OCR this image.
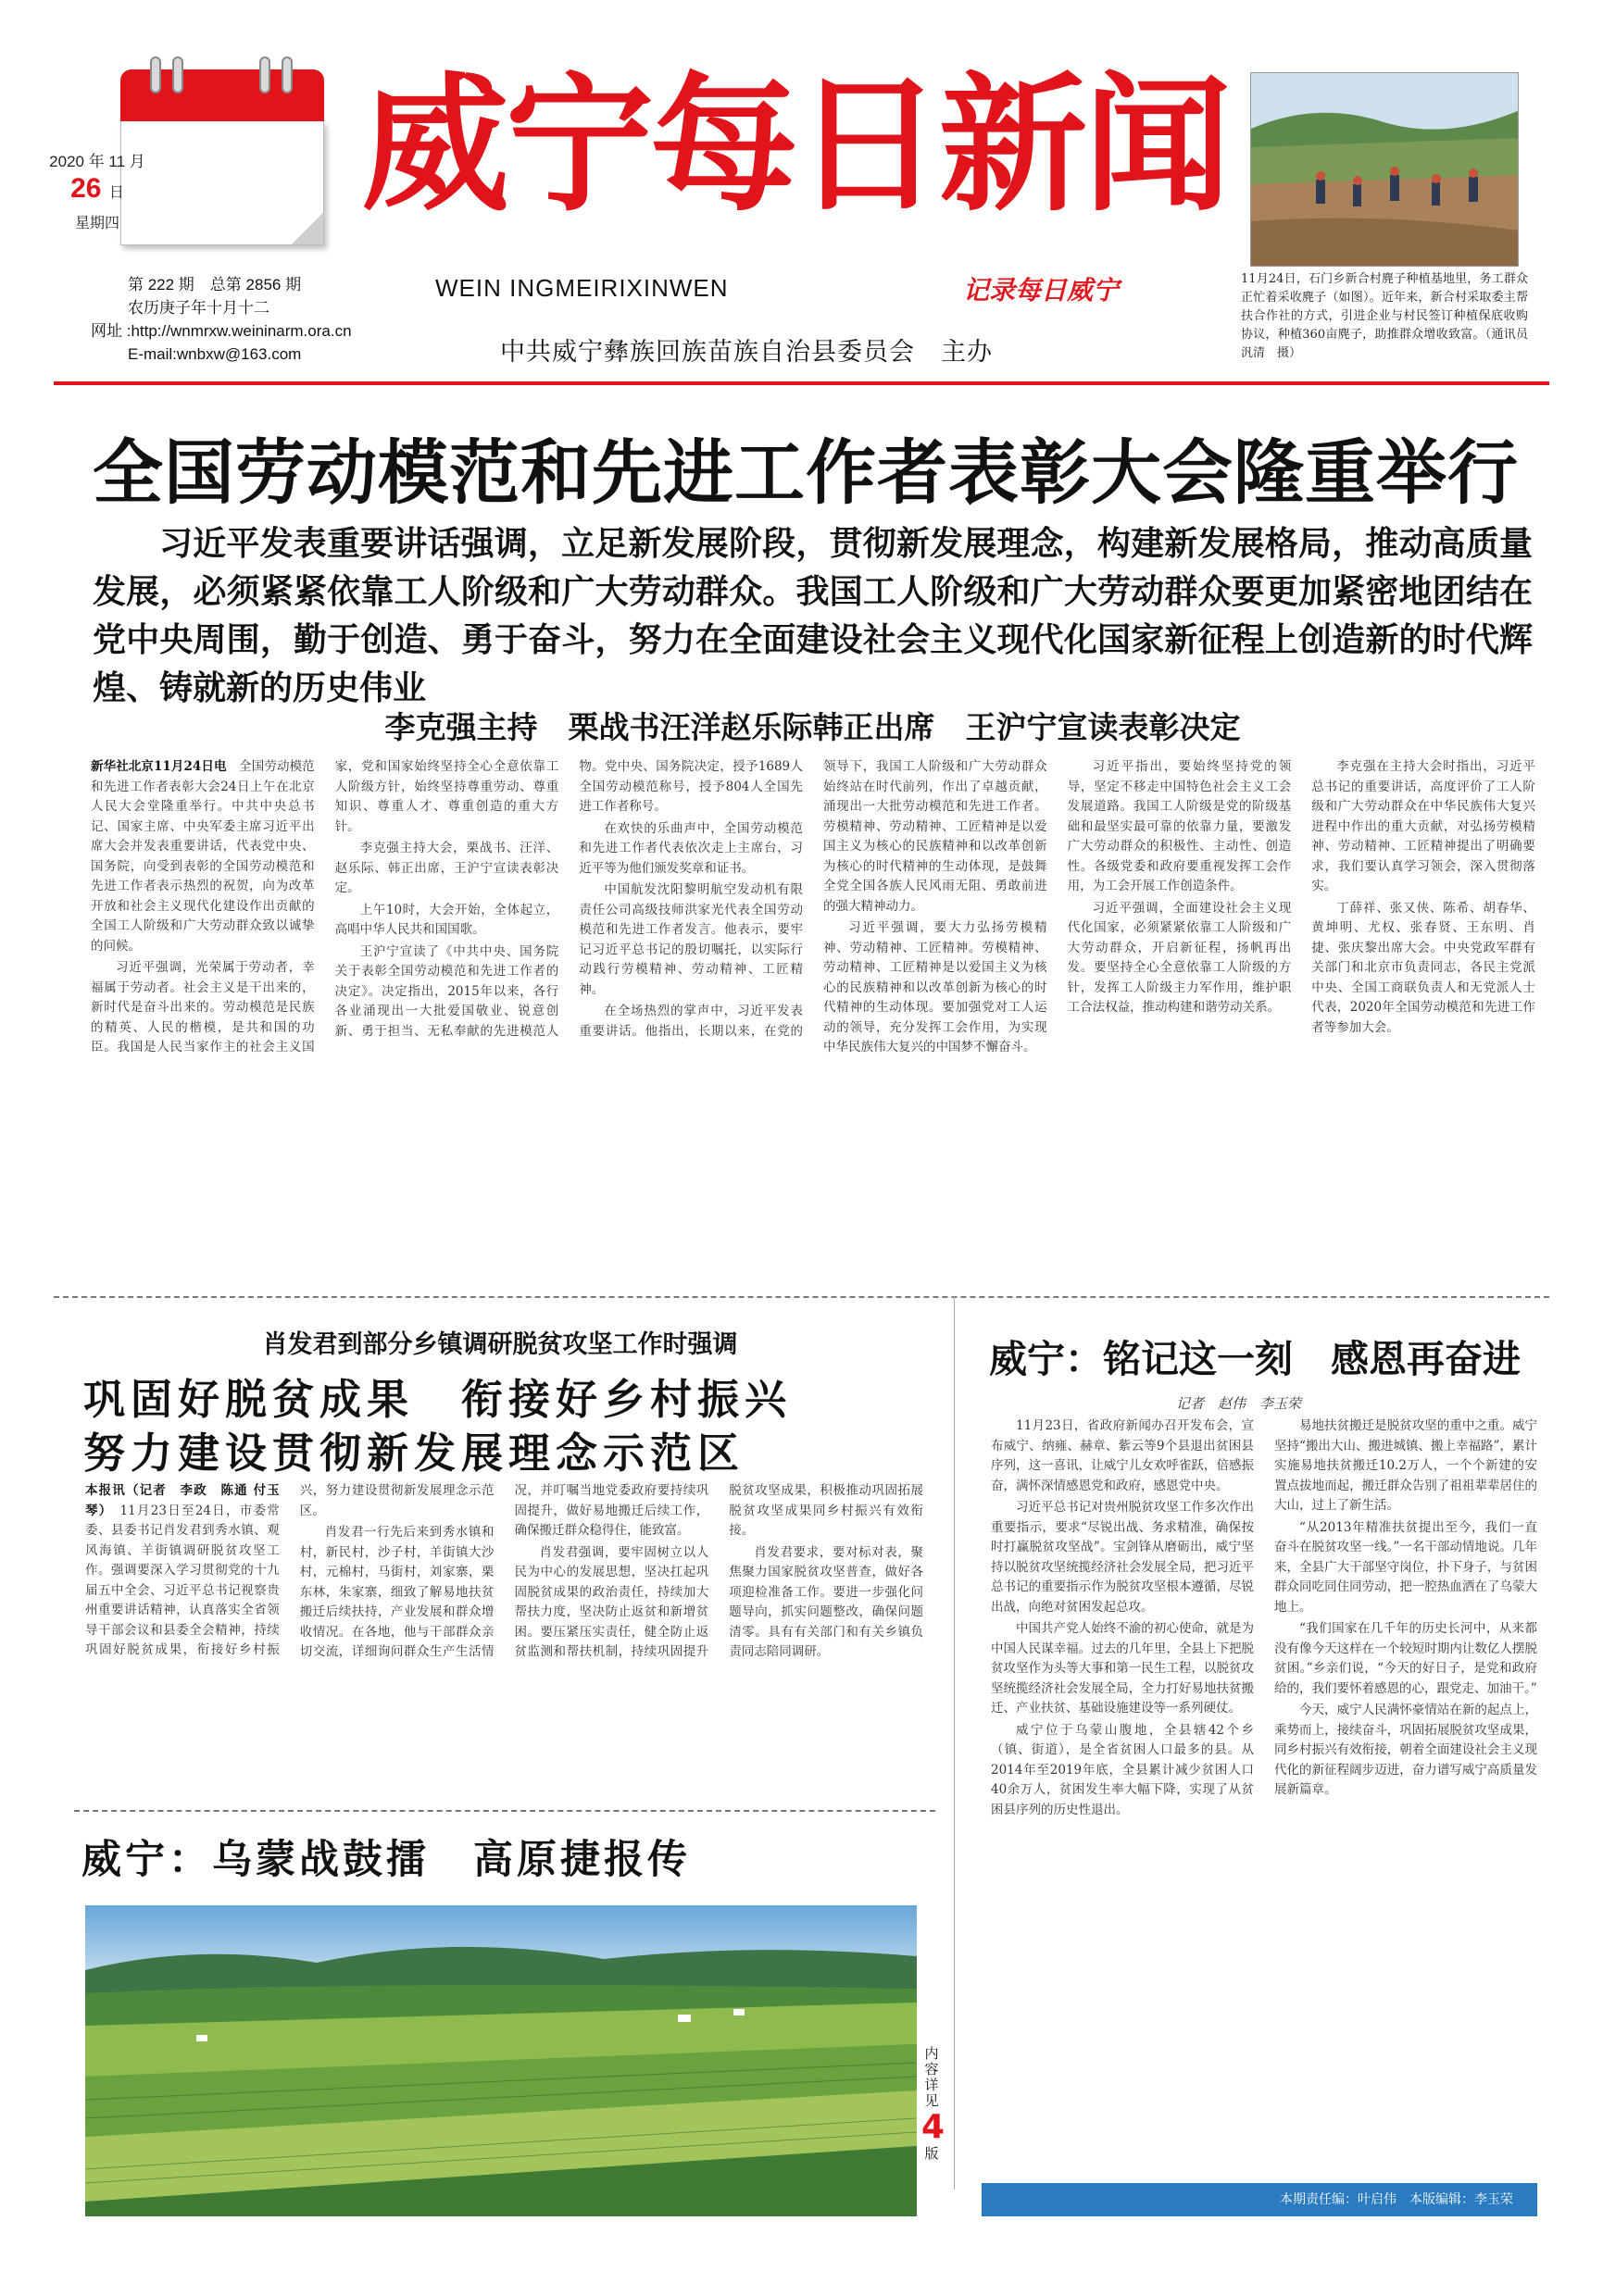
2020 年 11 月
26 日
星期四	威宁每日新闻
WEIN INGMEIRIXINWEN	记录每日威宁
中共威宁彝族回族苗族自治县委员会　主办
第 222 期　总第 2856 期
农历庚子年十月十二
网址 :http://wnmrxw.weininarm.ora.cn
E-mail:wnbxw@163.com

11月24日，石门乡新合村麂子种植基地里，务工群众正忙着采收麂子（如图）。近年来，新合村采取委主帮扶合作社的方式，引进企业与村民签订种植保底收购协议，种植360亩麂子，助推群众增收致富。（通讯员　汎清　摄）

全国劳动模范和先进工作者表彰大会隆重举行

习近平发表重要讲话强调，立足新发展阶段，贯彻新发展理念，构建新发展格局，推动高质量发展，必须紧紧依靠工人阶级和广大劳动群众。我国工人阶级和广大劳动群众要更加紧密地团结在党中央周围，勤于创造、勇于奋斗，努力在全面建设社会主义现代化国家新征程上创造新的时代辉煌、铸就新的历史伟业

李克强主持　栗战书汪洋赵乐际韩正出席　王沪宁宣读表彰决定

新华社北京11月24日电　 全国劳动模范和先进工作者表彰大会24日上午在北京人民大会堂隆重举行。中共中央总书记、国家主席、中央军委主席习近平出席大会并发表重要讲话，代表党中央、国务院，向受到表彰的全国劳动模范和先进工作者表示热烈的祝贺，向为改革开放和社会主义现代化建设作出贡献的全国工人阶级和广大劳动群众致以诚挚的问候。

习近平强调，光荣属于劳动者，幸福属于劳动者。社会主义是干出来的，新时代是奋斗出来的。劳动模范是民族的精英、人民的楷模，是共和国的功臣。我国是人民当家作主的社会主义国家，党和国家始终坚持全心全意依靠工人阶级方针，始终坚持尊重劳动、尊重知识、尊重人才、尊重创造的重大方针。

李克强主持大会，栗战书、汪洋、赵乐际、韩正出席，王沪宁宣读表彰决定。

上午10时，大会开始，全体起立，高唱中华人民共和国国歌。

王沪宁宣读了《中共中央、国务院关于表彰全国劳动模范和先进工作者的决定》。决定指出，2015年以来，各行各业涌现出一大批爱国敬业、锐意创新、勇于担当、无私奉献的先进模范人物。党中央、国务院决定，授予1689人全国劳动模范称号，授予804人全国先进工作者称号。

在欢快的乐曲声中，全国劳动模范和先进工作者代表依次走上主席台，习近平等为他们颁发奖章和证书。

中国航发沈阳黎明航空发动机有限责任公司高级技师洪家光代表全国劳动模范和先进工作者发言。他表示，要牢记习近平总书记的殷切嘱托，以实际行动践行劳模精神、劳动精神、工匠精神。

在全场热烈的掌声中，习近平发表重要讲话。他指出，长期以来，在党的领导下，我国工人阶级和广大劳动群众始终站在时代前列，作出了卓越贡献，涌现出一大批劳动模范和先进工作者。劳模精神、劳动精神、工匠精神是以爱国主义为核心的民族精神和以改革创新为核心的时代精神的生动体现，是鼓舞全党全国各族人民风雨无阻、勇敢前进的强大精神动力。

习近平强调，要大力弘扬劳模精神、劳动精神、工匠精神。劳模精神、劳动精神、工匠精神是以爱国主义为核心的民族精神和以改革创新为核心的时代精神的生动体现。要加强党对工人运动的领导，充分发挥工会作用，为实现中华民族伟大复兴的中国梦不懈奋斗。

习近平指出，要始终坚持党的领导，坚定不移走中国特色社会主义工会发展道路。我国工人阶级是党的阶级基础和最坚实最可靠的依靠力量，要激发广大劳动群众的积极性、主动性、创造性。各级党委和政府要重视发挥工会作用，为工会开展工作创造条件。

习近平强调，全面建设社会主义现代化国家，必须紧紧依靠工人阶级和广大劳动群众，开启新征程，扬帆再出发。要坚持全心全意依靠工人阶级的方针，发挥工人阶级主力军作用，维护职工合法权益，推动构建和谐劳动关系。

李克强在主持大会时指出，习近平总书记的重要讲话，高度评价了工人阶级和广大劳动群众在中华民族伟大复兴进程中作出的重大贡献，对弘扬劳模精神、劳动精神、工匠精神提出了明确要求，我们要认真学习领会，深入贯彻落实。

丁薛祥、张又侠、陈希、胡春华、黄坤明、尤权、张春贤、王东明、肖捷、张庆黎出席大会。中央党政军群有关部门和北京市负责同志，各民主党派中央、全国工商联负责人和无党派人士代表，2020年全国劳动模范和先进工作者等参加大会。

肖发君到部分乡镇调研脱贫攻坚工作时强调
巩固好脱贫成果　衔接好乡村振兴
努力建设贯彻新发展理念示范区

本报讯（记者　李政　陈通 付玉琴）　 11月23日至24日，市委常委、县委书记肖发君到秀水镇、观风海镇、羊街镇调研脱贫攻坚工作。强调要深入学习贯彻党的十九届五中全会、习近平总书记视察贵州重要讲话精神，认真落实全省领导干部会议和县委全会精神，持续巩固好脱贫成果，衔接好乡村振兴，努力建设贯彻新发展理念示范区。

肖发君一行先后来到秀水镇和村，新民村，沙子村，羊街镇大沙村，元棉村，马街村，刘家寨，栗东林，朱家寨，细致了解易地扶贫搬迁后续扶持，产业发展和群众增收情况。在各地，他与干部群众亲切交流，详细询问群众生产生活情况，并叮嘱当地党委政府要持续巩固提升，做好易地搬迁后续工作，确保搬迁群众稳得住，能致富。

肖发君强调，要牢固树立以人民为中心的发展思想，坚决扛起巩固脱贫成果的政治责任，持续加大帮扶力度，坚决防止返贫和新增贫困。要压紧压实责任，健全防止返贫监测和帮扶机制，持续巩固提升脱贫攻坚成果，积极推动巩固拓展脱贫攻坚成果同乡村振兴有效衔接。

肖发君要求，要对标对表，聚焦聚力国家脱贫攻坚普查，做好各项迎检准备工作。要进一步强化问题导向，抓实问题整改，确保问题清零。具有有关部门和有关乡镇负责同志陪同调研。

威宁：铭记这一刻　感恩再奋进
记者　赵伟　李玉荣

11月23日，省政府新闻办召开发布会，宣布威宁、纳雍、赫章、紫云等9个县退出贫困县序列，这一喜讯，让威宁儿女欢呼雀跃，倍感振奋，满怀深情感恩党和政府，感恩党中央。

习近平总书记对贵州脱贫攻坚工作多次作出重要指示，要求“尽锐出战、务求精准，确保按时打赢脱贫攻坚战”。宝剑锋从磨砺出，威宁坚持以脱贫攻坚统揽经济社会发展全局，把习近平总书记的重要指示作为脱贫攻坚根本遵循，尽锐出战，向绝对贫困发起总攻。

中国共产党人始终不渝的初心使命，就是为中国人民谋幸福。过去的几年里，全县上下把脱贫攻坚作为头等大事和第一民生工程，以脱贫攻坚统揽经济社会发展全局，全力打好易地扶贫搬迁、产业扶贫、基础设施建设等一系列硬仗。

威宁位于乌蒙山腹地，全县辖42个乡（镇、街道），是全省贫困人口最多的县。从2014年至2019年底，全县累计减少贫困人口40余万人，贫困发生率大幅下降，实现了从贫困县序列的历史性退出。

易地扶贫搬迁是脱贫攻坚的重中之重。威宁坚持“搬出大山、搬进城镇、搬上幸福路”，累计实施易地扶贫搬迁10.2万人，一个个新建的安置点拔地而起，搬迁群众告别了祖祖辈辈居住的大山，过上了新生活。

“从2013年精准扶贫提出至今，我们一直奋斗在脱贫攻坚一线。”一名干部动情地说。几年来，全县广大干部坚守岗位，扑下身子，与贫困群众同吃同住同劳动，把一腔热血洒在了乌蒙大地上。

“我们国家在几千年的历史长河中，从来都没有像今天这样在一个较短时期内让数亿人摆脱贫困。”乡亲们说，“今天的好日子，是党和政府给的，我们要怀着感恩的心，跟党走、加油干。”

今天，威宁人民满怀豪情站在新的起点上，乘势而上，接续奋斗，巩固拓展脱贫攻坚成果，同乡村振兴有效衔接，朝着全面建设社会主义现代化的新征程阔步迈进，奋力谱写威宁高质量发展新篇章。

威宁：乌蒙战鼓擂　高原捷报传
内容详见
4
版
本期责任编：叶启伟　本版编辑：李玉荣
